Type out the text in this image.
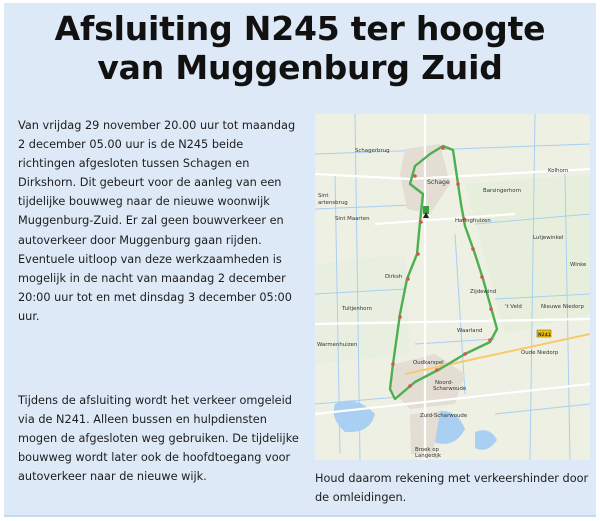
Afsluiting N245 ter hoogte
van Muggenburg Zuid
Van vrijdag 29 november 20.00 uur tot maandag 2 december 05.00 uur is de N245 beide richtingen afgesloten tussen Schagen en Dirkshorn. Dit gebeurt voor de aanleg van een tijdelijke bouwweg naar de nieuwe woonwijk Muggenburg-Zuid. Er zal geen bouwverkeer en autoverkeer door Muggenburg gaan rijden. Eventuele uitloop van deze werkzaamheden is mogelijk in de nacht van maandag 2 december 20:00 uur tot en met dinsdag 3 december 05:00 uur.
Tijdens de afsluiting wordt het verkeer omgeleid via de N241. Alleen bussen en hulpdiensten mogen de afgesloten weg gebruiken. De tijdelijke bouwweg wordt later ook de hoofdtoegang voor autoverkeer naar de nieuwe wijk.
Schagerbrug
Schage
Sint artensbrug
Sint Maarten
Barsingerhorn
Kolhorn
Haringhuizen
Lutjewinkel
Winke
Dirksh
Tuitjenhorn
Zijdewind
't Veld	Nieuwe Niedorp
Waarland
Warmenhuizen
N241
Oude Niedorp
Oudkarspel
Noord-Scharwoude
Zuid-Scharwoude
Broek op Langedijk
Houd daarom rekening met verkeershinder door de omleidingen.
